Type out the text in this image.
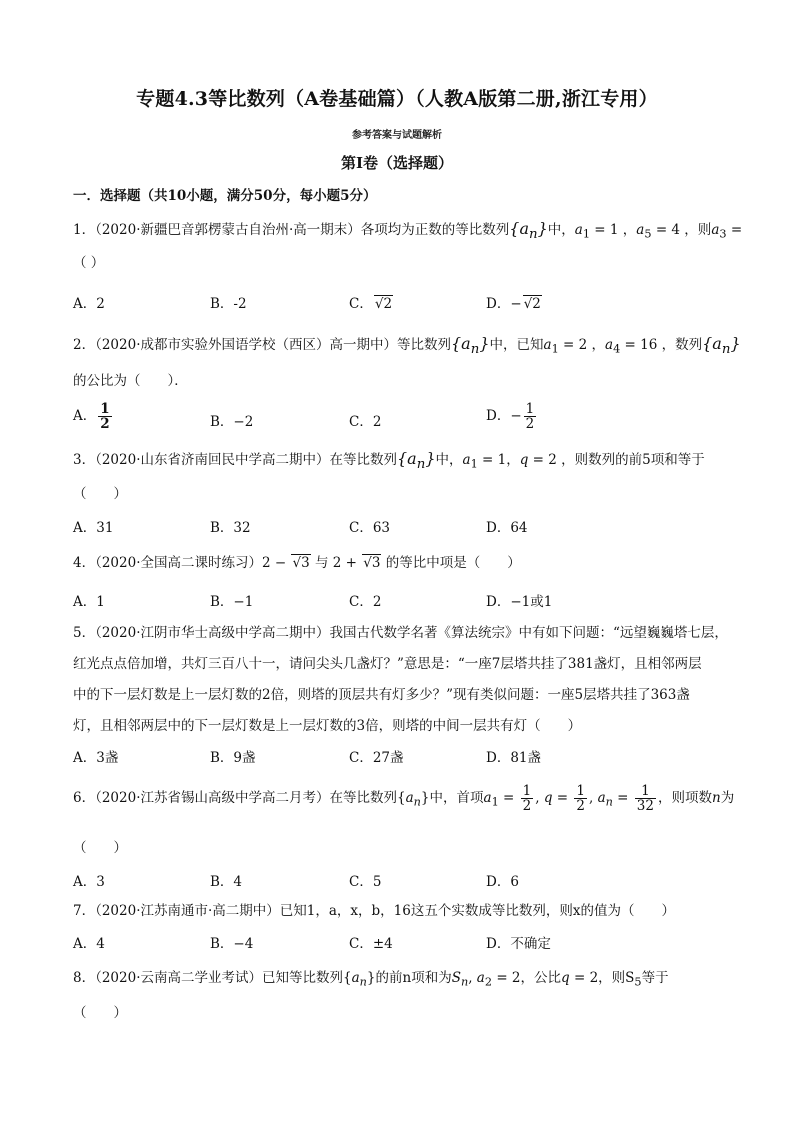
专题4.3等比数列（A卷基础篇）（人教A版第二册,浙江专用）
参考答案与试题解析
第I卷（选择题）
一．选择题（共10小题，满分50分，每小题5分）
1．（2020·新疆巴音郭楞蒙古自治州·高一期末）各项均为正数的等比数列$\{a_n\}$中，$a_1 = 1$ ，$a_5 = 4$ ，则$a_3$ =
（ ）
A．2	B．-2	C． √2	D．− √2
2．（2020·成都市实验外国语学校（西区）高一期中）等比数列$\{a_n\}$中，已知$a_1 = 2$ ，$a_4 = 16$ ，数列$\{a_n\}$
的公比为（　　）．
A． $\frac{1}{2}$	B．−2	C．2	D．− $\frac{1}{2}$
3．（2020·山东省济南回民中学高二期中）在等比数列$\{a_n\}$中，$a_1 = 1$，q = 2 ，则数列的前5项和等于
（　　）
A．31	B．32	C．63	D．64
4．（2020·全国高二课时练习）2 − √3 与 2 + √3 的等比中项是（　　）
A．1	B．−1	C．2	D．−1或1
5．（2020·江阴市华士高级中学高二期中）我国古代数学名著《算法统宗》中有如下问题：“远望巍巍塔七层，
红光点点倍加增，共灯三百八十一，请问尖头几盏灯？”意思是：“一座7层塔共挂了381盏灯，且相邻两层
中的下一层灯数是上一层灯数的2倍，则塔的顶层共有灯多少？”现有类似问题：一座5层塔共挂了363盏
灯，且相邻两层中的下一层灯数是上一层灯数的3倍，则塔的中间一层共有灯（　　）
A．3盏	B．9盏	C．27盏	D．81盏
6．（2020·江苏省锡山高级中学高二月考）在等比数列$\{a_n\}$中，首项$a_1 = \frac{1}{2}$ , $q = \frac{1}{2}$ , $a_n = \frac{1}{32}$ ，则项数n为
（　　）
A．3	B．4	C．5	D．6
7．（2020·江苏南通市·高二期中）已知1，a，x，b，16这五个实数成等比数列，则x的值为（　　）
A．4	B．−4	C．±4	D．不确定
8．（2020·云南高二学业考试）已知等比数列$\{a_n\}$的前n项和为$S_n$, $a_2 = 2$，公比q = 2，则$S_5$等于
（　　）
